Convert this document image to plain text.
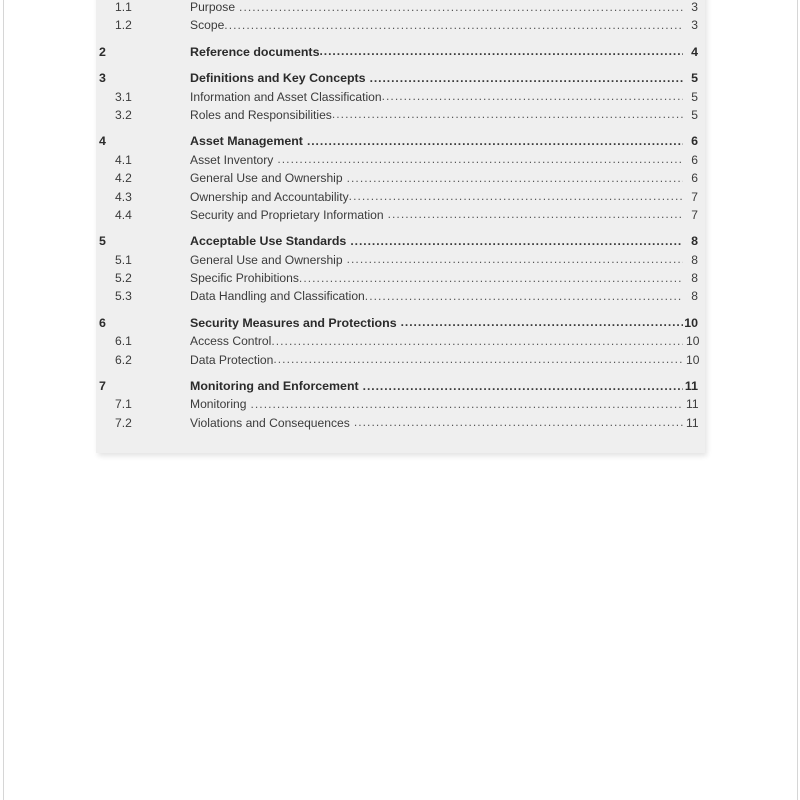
1.1	Purpose .....	3
1.2	Scope .....	3
2	Reference documents .....	4
3	Definitions and Key Concepts .....	5
3.1	Information and Asset Classification .....	5
3.2	Roles and Responsibilities .....	5
4	Asset Management .....	6
4.1	Asset Inventory .....	6
4.2	General Use and Ownership .....	6
4.3	Ownership and Accountability .....	7
4.4	Security and Proprietary Information .....	7
5	Acceptable Use Standards .....	8
5.1	General Use and Ownership .....	8
5.2	Specific Prohibitions .....	8
5.3	Data Handling and Classification .....	8
6	Security Measures and Protections .....	10
6.1	Access Control .....	10
6.2	Data Protection .....	10
7	Monitoring and Enforcement .....	11
7.1	Monitoring .....	11
7.2	Violations and Consequences .....	11
